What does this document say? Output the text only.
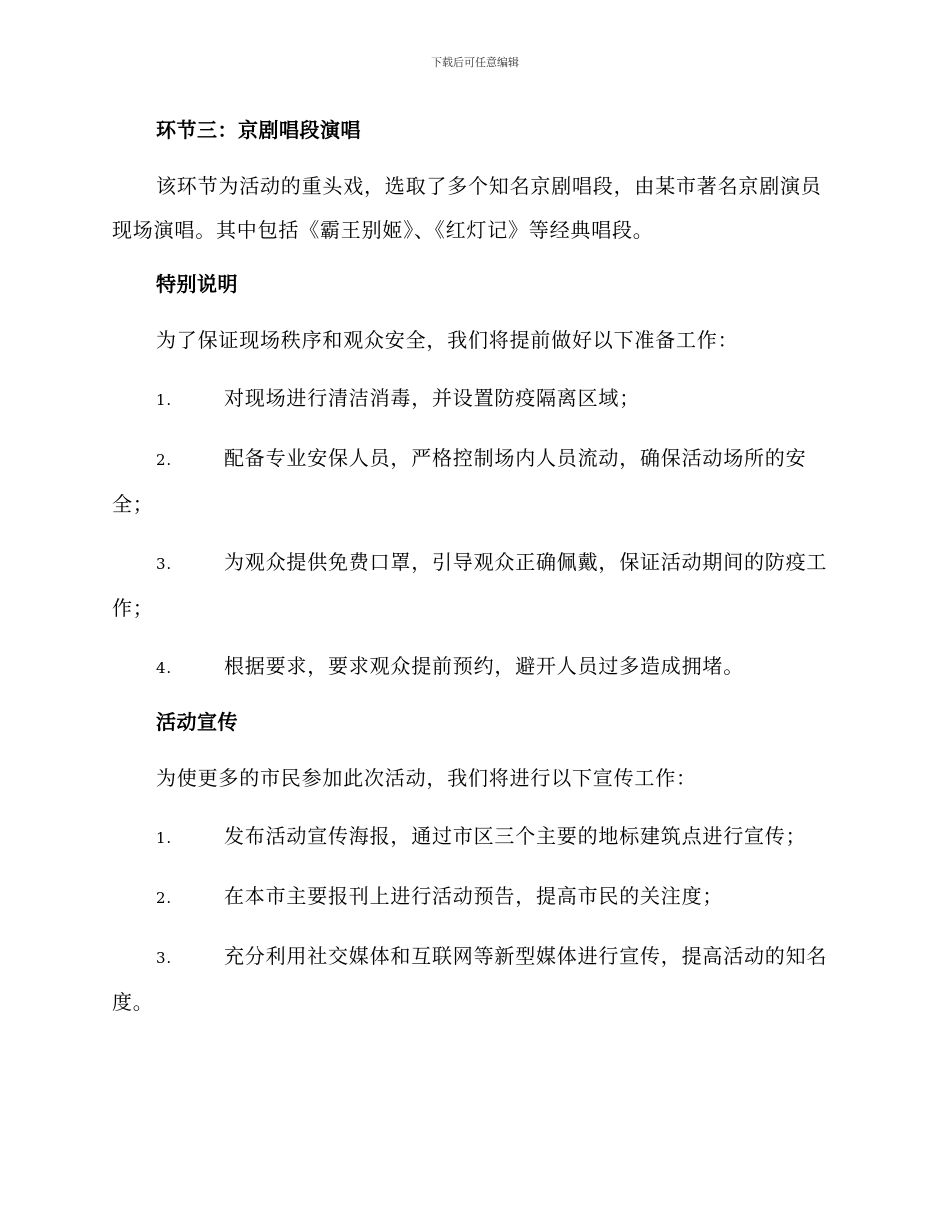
下载后可任意编辑

环节三：京剧唱段演唱

该环节为活动的重头戏，选取了多个知名京剧唱段，由某市著名京剧演员现场演唱。其中包括《霸王别姬》、《红灯记》等经典唱段。

特别说明

为了保证现场秩序和观众安全，我们将提前做好以下准备工作：

1.	对现场进行清洁消毒，并设置防疫隔离区域；

2.	配备专业安保人员，严格控制场内人员流动，确保活动场所的安全；

3.	为观众提供免费口罩，引导观众正确佩戴，保证活动期间的防疫工作；

4.	根据要求，要求观众提前预约，避开人员过多造成拥堵。

活动宣传

为使更多的市民参加此次活动，我们将进行以下宣传工作：

1.	发布活动宣传海报，通过市区三个主要的地标建筑点进行宣传；

2.	在本市主要报刊上进行活动预告，提高市民的关注度；

3.	充分利用社交媒体和互联网等新型媒体进行宣传，提高活动的知名度。
